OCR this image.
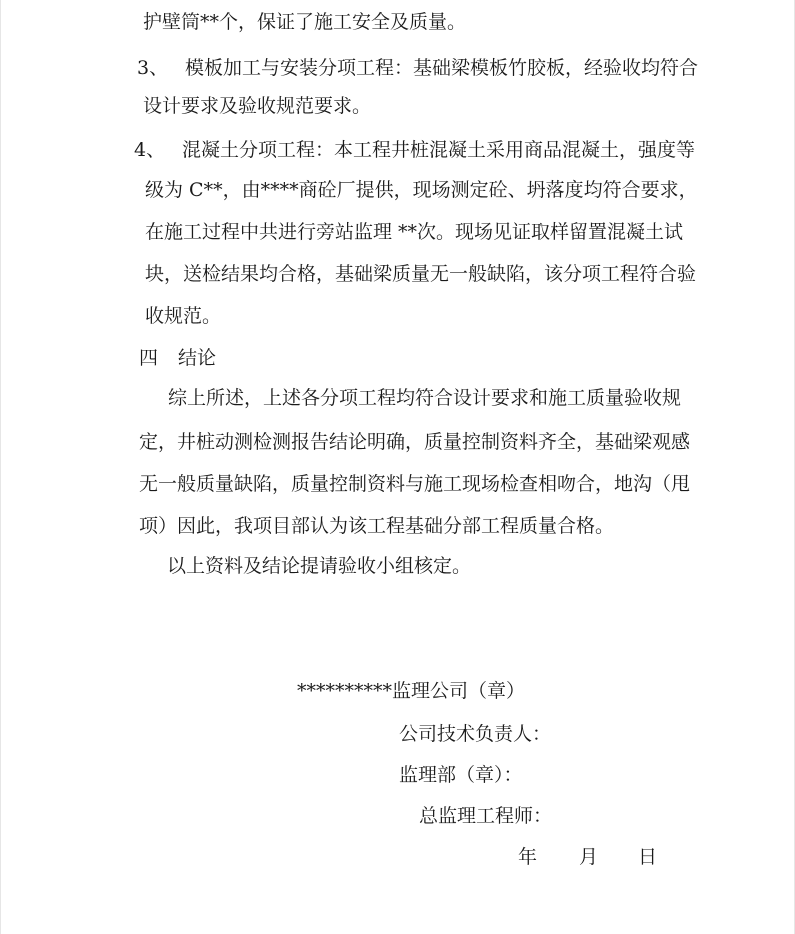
护壁筒**个，保证了施工安全及质量。
3、 模板加工与安装分项工程：基础梁模板竹胶板，经验收均符合
设计要求及验收规范要求。
4、 混凝土分项工程：本工程井桩混凝土采用商品混凝土，强度等
级为 C**，由****商砼厂提供，现场测定砼、坍落度均符合要求，
在施工过程中共进行旁站监理 **次。现场见证取样留置混凝土试
块，送检结果均合格，基础梁质量无一般缺陷，该分项工程符合验
收规范。
四 结论
综上所述，上述各分项工程均符合设计要求和施工质量验收规
定，井桩动测检测报告结论明确，质量控制资料齐全，基础梁观感
无一般质量缺陷，质量控制资料与施工现场检查相吻合，地沟（甩
项）因此，我项目部认为该工程基础分部工程质量合格。
以上资料及结论提请验收小组核定。
**********监理公司（章）
公司技术负责人：
监理部（章）：
总监理工程师：
年 月 日
